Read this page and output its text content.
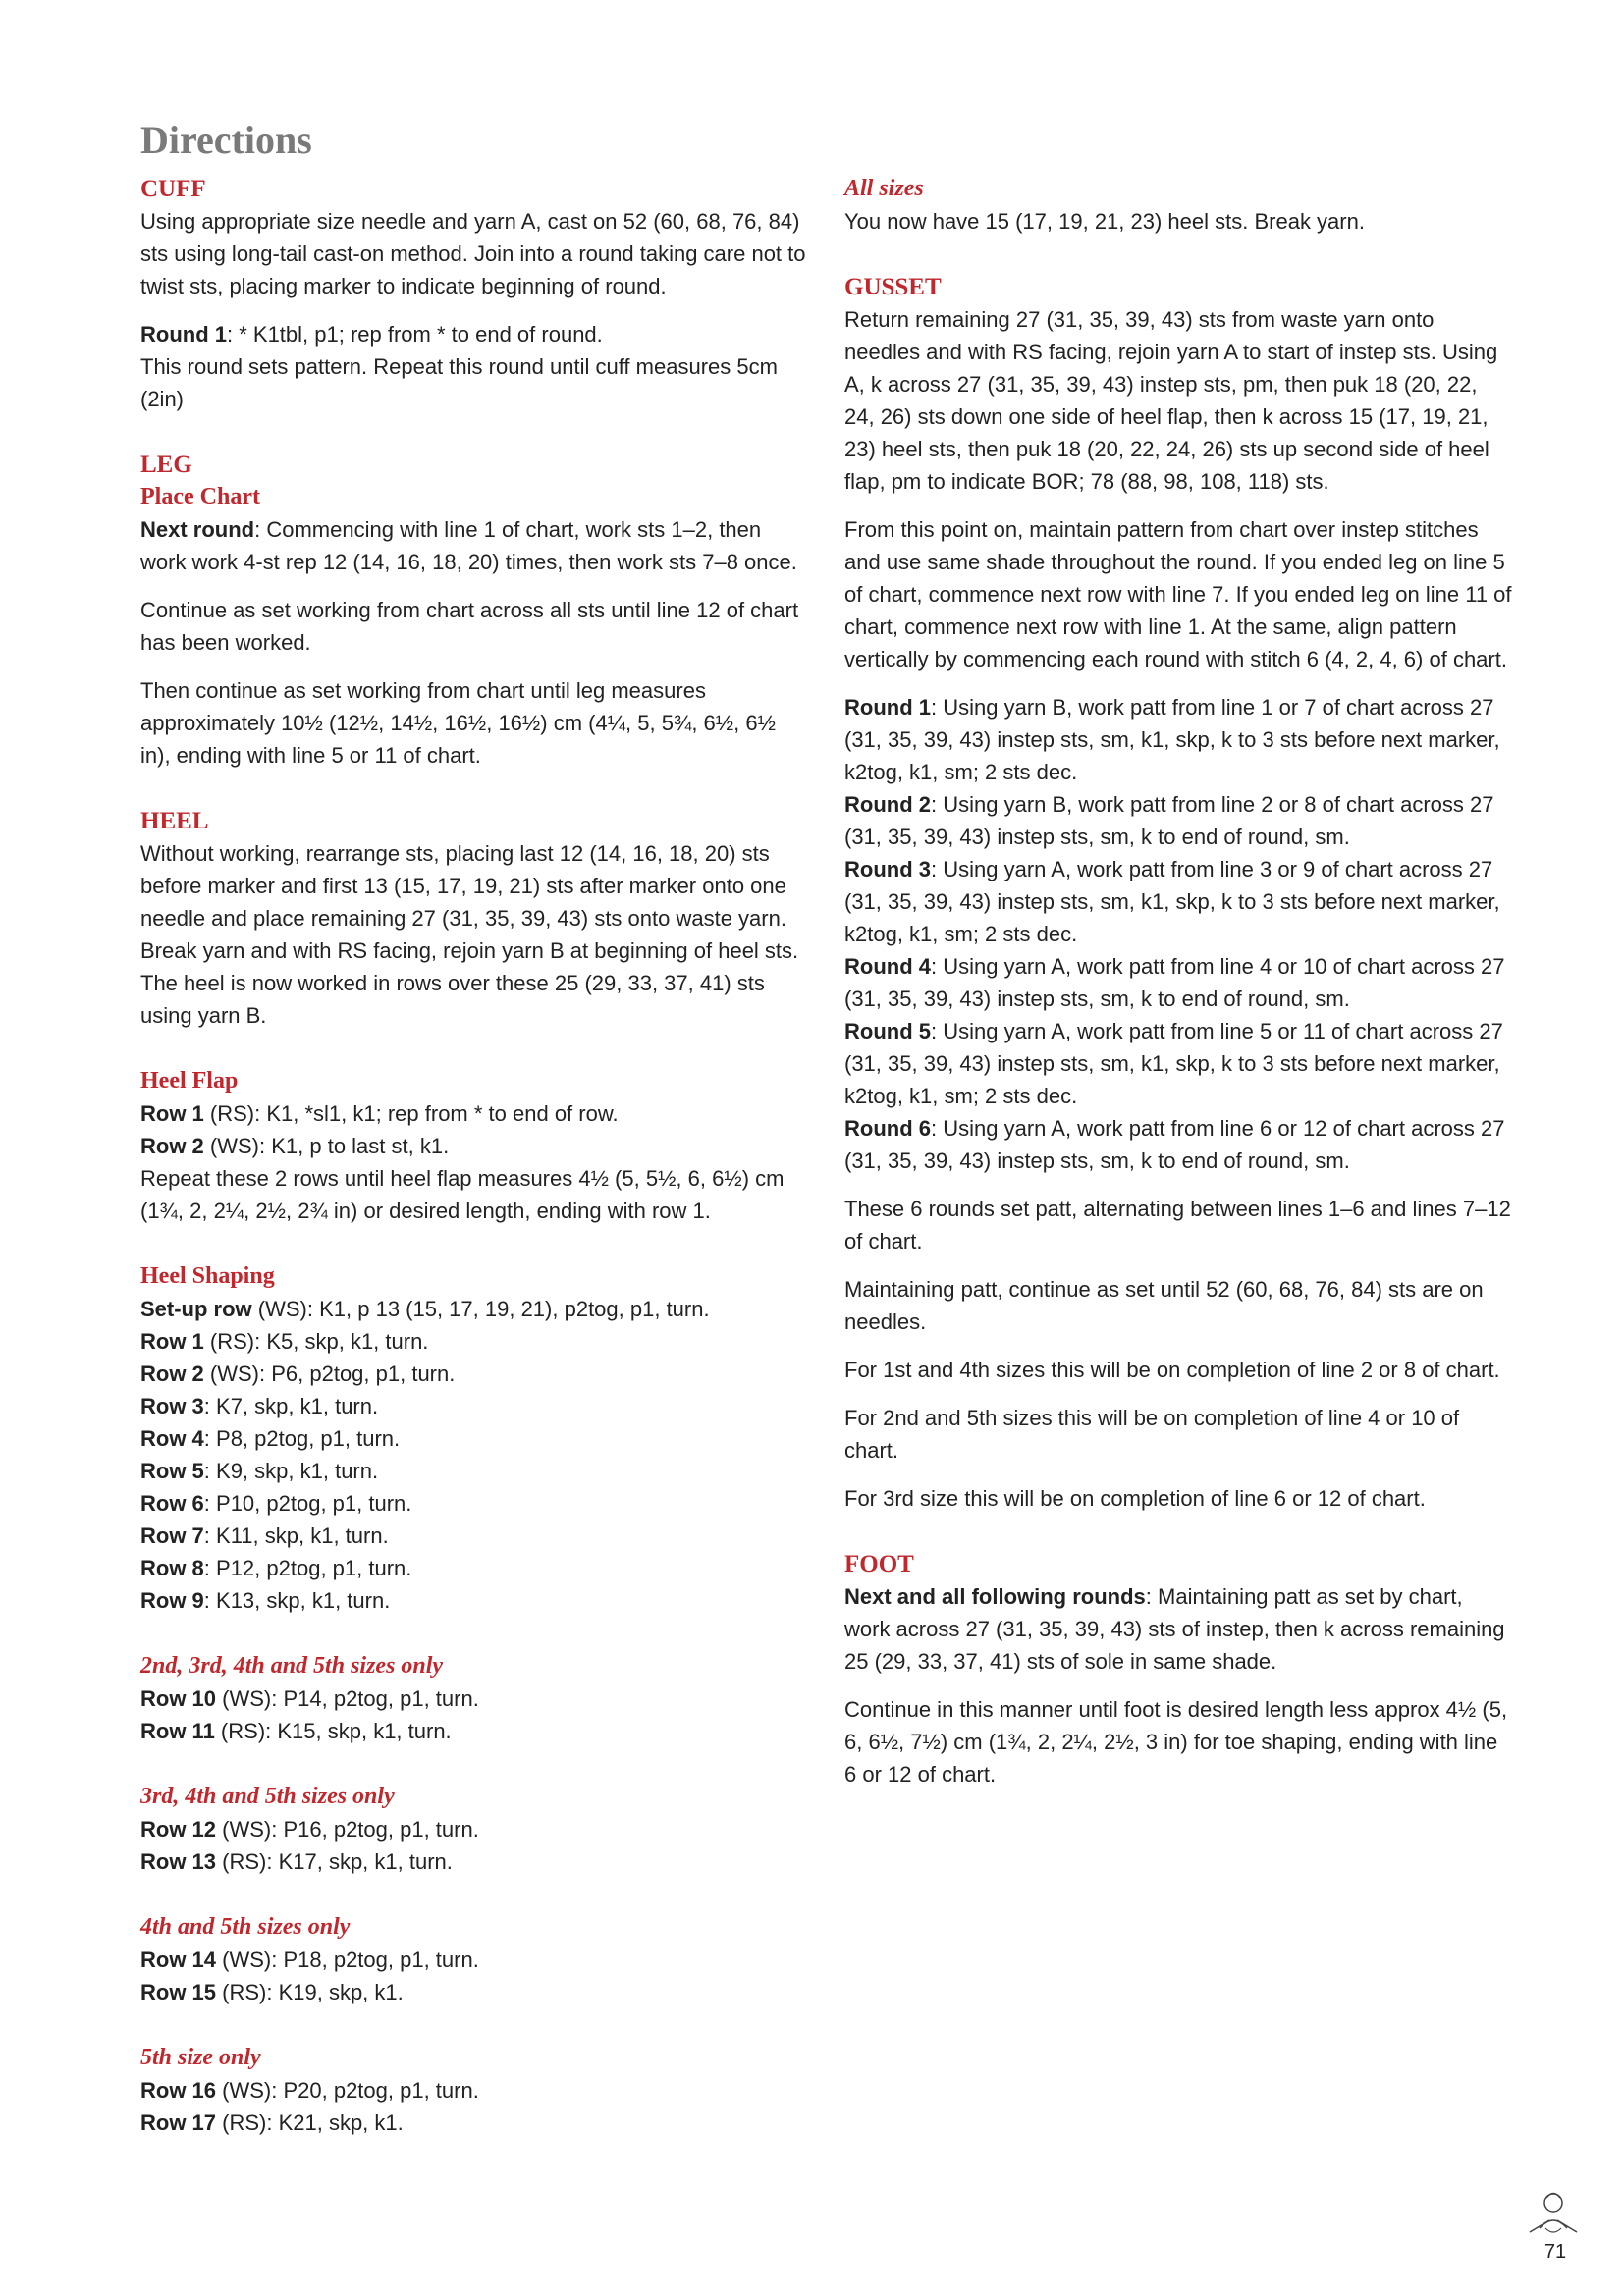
Directions
CUFF

Using appropriate size needle and yarn A, cast on 52 (60, 68, 76, 84) sts using long-tail cast-on method. Join into a round taking care not to twist sts, placing marker to indicate beginning of round.

Round 1: * K1tbl, p1; rep from * to end of round.

This round sets pattern. Repeat this round until cuff measures 5cm (2in)

LEG
Place Chart

Next round: Commencing with line 1 of chart, work sts 1–2, then work work 4-st rep 12 (14, 16, 18, 20) times, then work sts 7–8 once.

Continue as set working from chart across all sts until line 12 of chart has been worked.

Then continue as set working from chart until leg measures approximately 10½ (12½, 14½, 16½, 16½) cm (4¼, 5, 5¾, 6½, 6½ in), ending with line 5 or 11 of chart.

HEEL

Without working, rearrange sts, placing last 12 (14, 16, 18, 20) sts before marker and first 13 (15, 17, 19, 21) sts after marker onto one needle and place remaining 27 (31, 35, 39, 43) sts onto waste yarn. Break yarn and with RS facing, rejoin yarn B at beginning of heel sts. The heel is now worked in rows over these 25 (29, 33, 37, 41) sts using yarn B.

Heel Flap

Row 1 (RS): K1, *sl1, k1; rep from * to end of row.

Row 2 (WS): K1, p to last st, k1.

Repeat these 2 rows until heel flap measures 4½ (5, 5½, 6, 6½) cm (1¾, 2, 2¼, 2½, 2¾ in) or desired length, ending with row 1.

Heel Shaping

Set-up row (WS): K1, p 13 (15, 17, 19, 21), p2tog, p1, turn.

Row 1 (RS): K5, skp, k1, turn.

Row 2 (WS): P6, p2tog, p1, turn.

Row 3: K7, skp, k1, turn.

Row 4: P8, p2tog, p1, turn.

Row 5: K9, skp, k1, turn.

Row 6: P10, p2tog, p1, turn.

Row 7: K11, skp, k1, turn.

Row 8: P12, p2tog, p1, turn.

Row 9: K13, skp, k1, turn.

2nd, 3rd, 4th and 5th sizes only

Row 10 (WS): P14, p2tog, p1, turn.

Row 11 (RS): K15, skp, k1, turn.

3rd, 4th and 5th sizes only

Row 12 (WS): P16, p2tog, p1, turn.

Row 13 (RS): K17, skp, k1, turn.

4th and 5th sizes only

Row 14 (WS): P18, p2tog, p1, turn.

Row 15 (RS): K19, skp, k1.

5th size only

Row 16 (WS): P20, p2tog, p1, turn.

Row 17 (RS): K21, skp, k1.

All sizes

You now have 15 (17, 19, 21, 23) heel sts. Break yarn.

GUSSET

Return remaining 27 (31, 35, 39, 43) sts from waste yarn onto needles and with RS facing, rejoin yarn A to start of instep sts. Using A, k across 27 (31, 35, 39, 43) instep sts, pm, then puk 18 (20, 22, 24, 26) sts down one side of heel flap, then k across 15 (17, 19, 21, 23) heel sts, then puk 18 (20, 22, 24, 26) sts up second side of heel flap, pm to indicate BOR; 78 (88, 98, 108, 118) sts.

From this point on, maintain pattern from chart over instep stitches and use same shade throughout the round. If you ended leg on line 5 of chart, commence next row with line 7. If you ended leg on line 11 of chart, commence next row with line 1. At the same, align pattern vertically by commencing each round with stitch 6 (4, 2, 4, 6) of chart.

Round 1: Using yarn B, work patt from line 1 or 7 of chart across 27 (31, 35, 39, 43) instep sts, sm, k1, skp, k to 3 sts before next marker, k2tog, k1, sm; 2 sts dec.

Round 2: Using yarn B, work patt from line 2 or 8 of chart across 27 (31, 35, 39, 43) instep sts, sm, k to end of round, sm.

Round 3: Using yarn A, work patt from line 3 or 9 of chart across 27 (31, 35, 39, 43) instep sts, sm, k1, skp, k to 3 sts before next marker, k2tog, k1, sm; 2 sts dec.

Round 4: Using yarn A, work patt from line 4 or 10 of chart across 27 (31, 35, 39, 43) instep sts, sm, k to end of round, sm.

Round 5: Using yarn A, work patt from line 5 or 11 of chart across 27 (31, 35, 39, 43) instep sts, sm, k1, skp, k to 3 sts before next marker, k2tog, k1, sm; 2 sts dec.

Round 6: Using yarn A, work patt from line 6 or 12 of chart across 27 (31, 35, 39, 43) instep sts, sm, k to end of round, sm.

These 6 rounds set patt, alternating between lines 1–6 and lines 7–12 of chart.

Maintaining patt, continue as set until 52 (60, 68, 76, 84) sts are on needles.

For 1st and 4th sizes this will be on completion of line 2 or 8 of chart.

For 2nd and 5th sizes this will be on completion of line 4 or 10 of chart.

For 3rd size this will be on completion of line 6 or 12 of chart.

FOOT

Next and all following rounds: Maintaining patt as set by chart, work across 27 (31, 35, 39, 43) sts of instep, then k across remaining 25 (29, 33, 37, 41) sts of sole in same shade.

Continue in this manner until foot is desired length less approx 4½ (5, 6, 6½, 7½) cm (1¾, 2, 2¼, 2½, 3 in) for toe shaping, ending with line 6 or 12 of chart.

71
